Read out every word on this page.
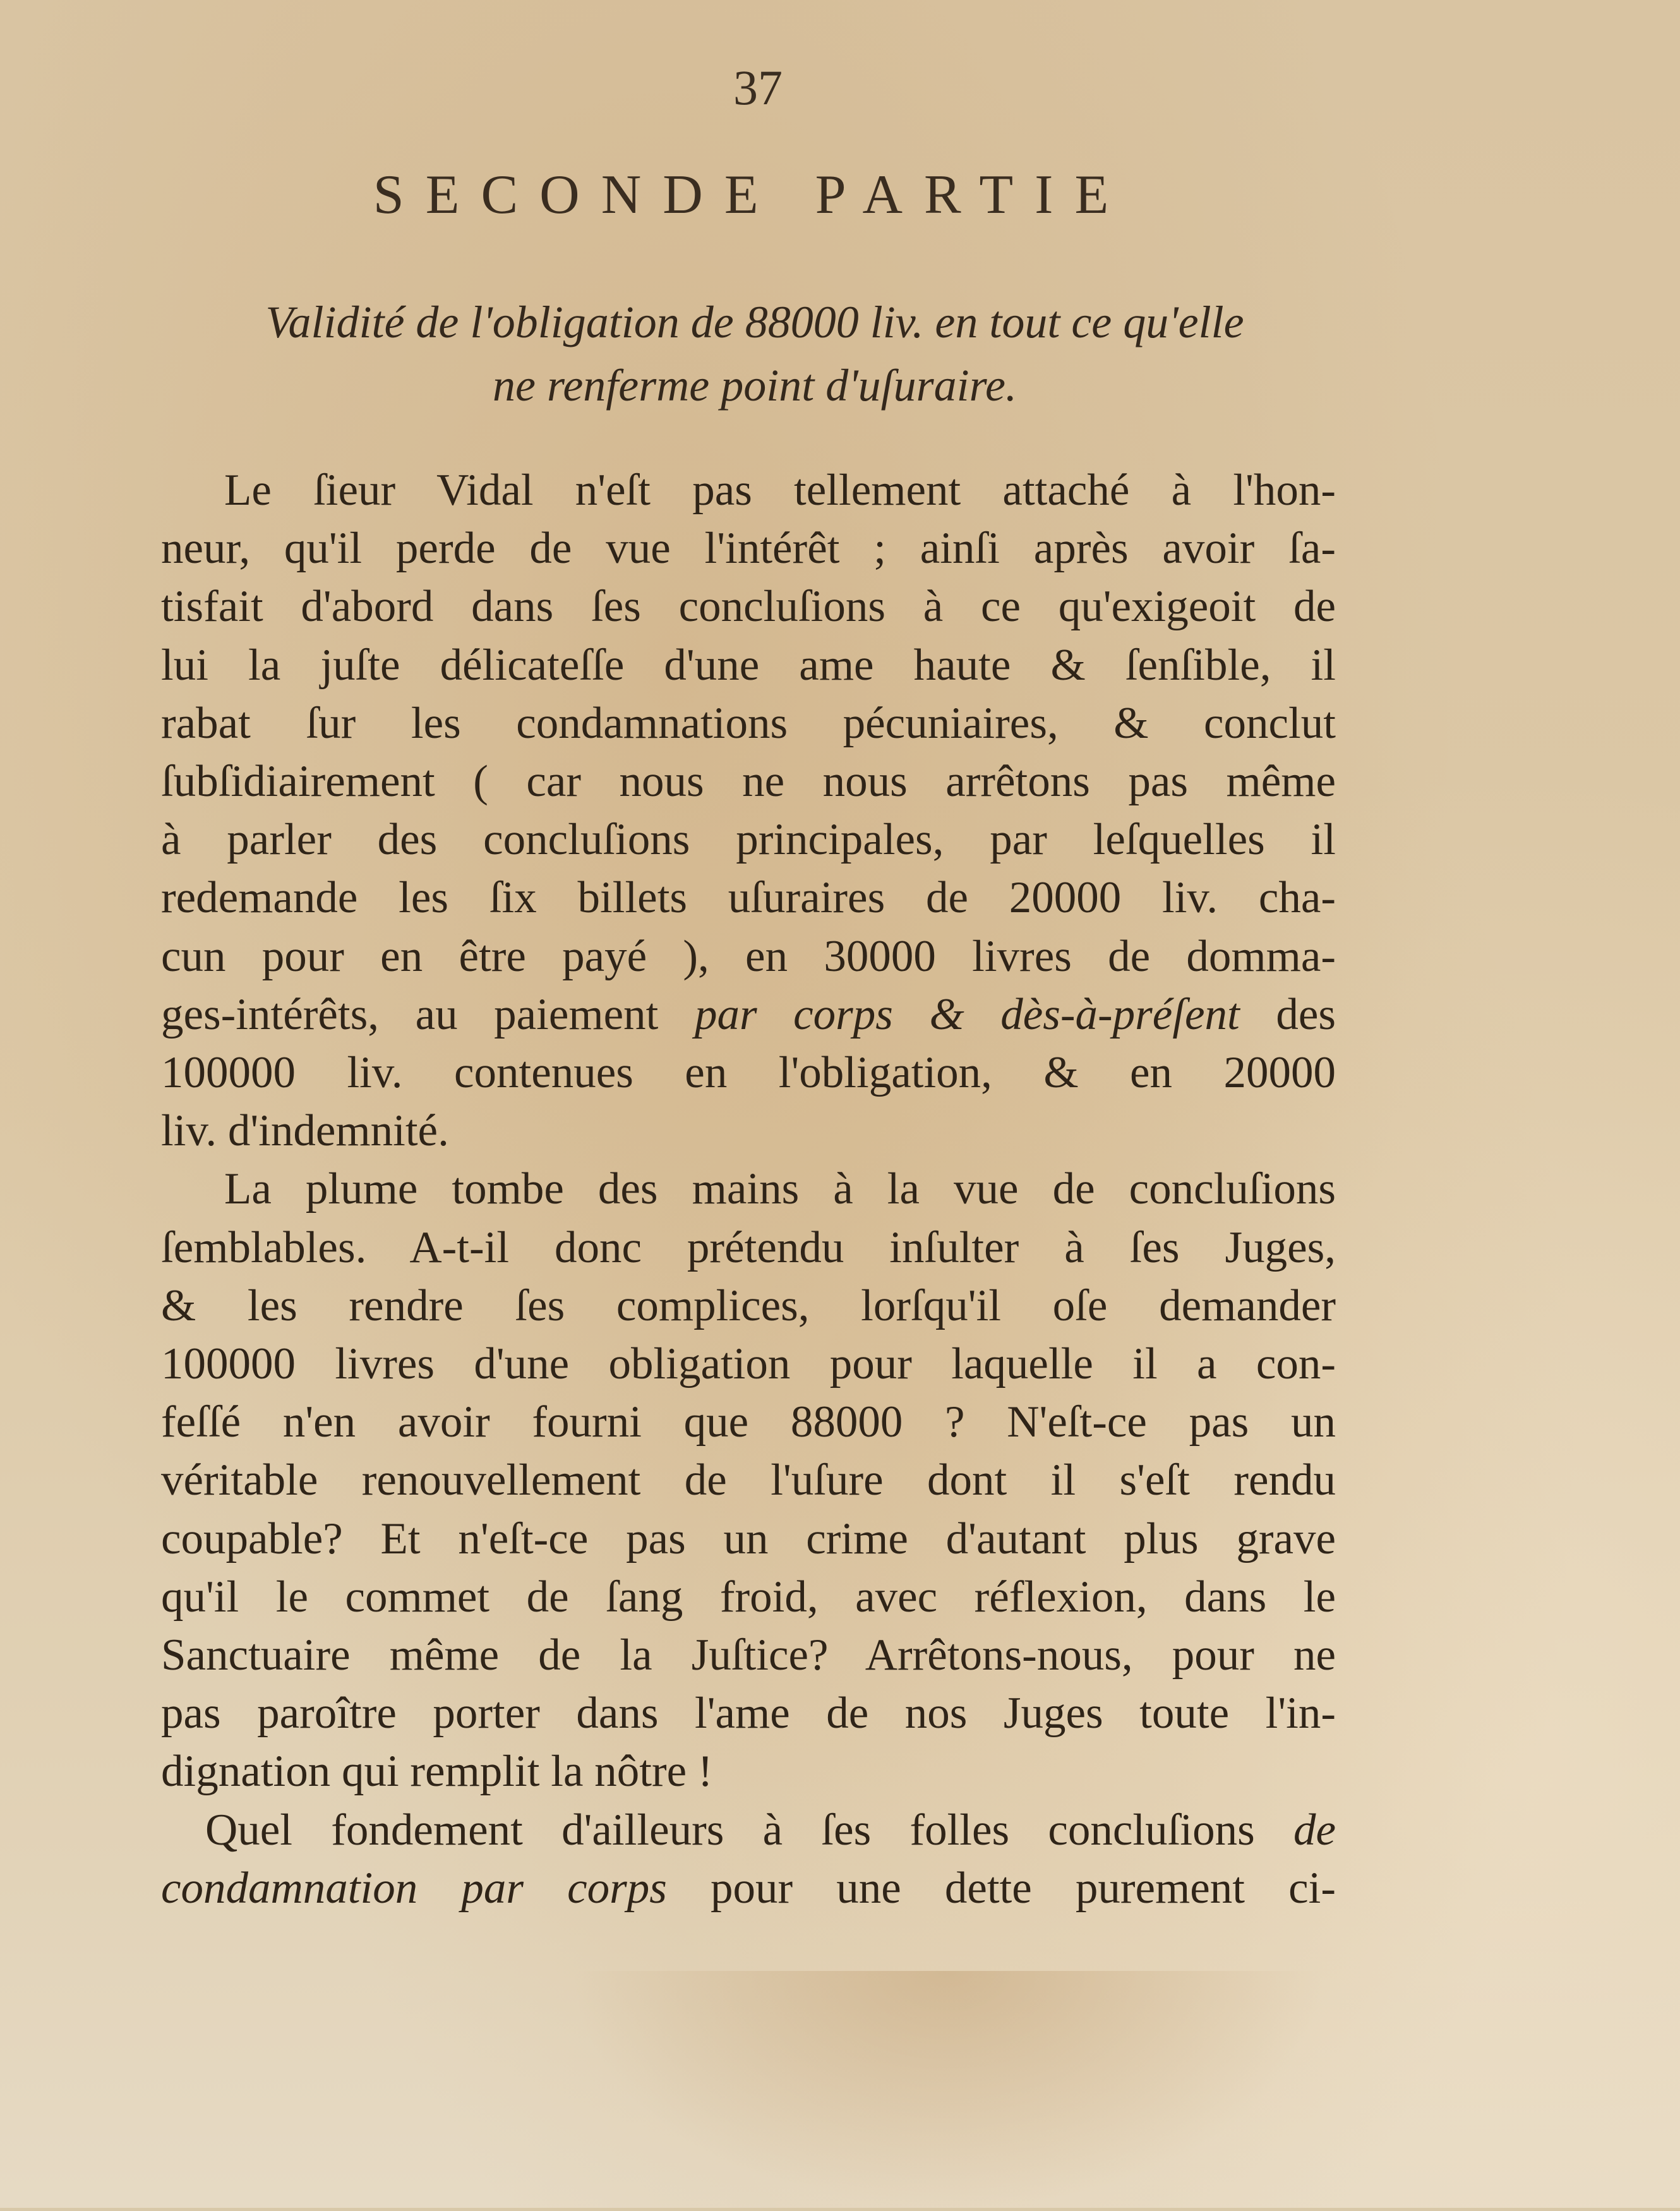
37
SECONDE PARTIE
Validité de l'obligation de 88000 liv. en tout ce qu'elle
ne renferme point d'uſuraire.
Le ſieur Vidal n'eſt pas tellement attaché à l'hon-
neur, qu'il perde de vue l'intérêt ; ainſi après avoir ſa-
tisfait d'abord dans ſes concluſions à ce qu'exigeoit de
lui la juſte délicateſſe d'une ame haute & ſenſible, il
rabat ſur les condamnations pécuniaires, & conclut
ſubſidiairement ( car nous ne nous arrêtons pas même
à parler des concluſions principales, par leſquelles il
redemande les ſix billets uſuraires de 20000 liv. cha-
cun pour en être payé ), en 30000 livres de domma-
ges-intérêts, au paiement par corps & dès-à-préſent des
100000 liv. contenues en l'obligation, & en 20000
liv. d'indemnité.
La plume tombe des mains à la vue de concluſions
ſemblables. A-t-il donc prétendu inſulter à ſes Juges,
& les rendre ſes complices, lorſqu'il oſe demander
100000 livres d'une obligation pour laquelle il a con-
feſſé n'en avoir fourni que 88000 ? N'eſt-ce pas un
véritable renouvellement de l'uſure dont il s'eſt rendu
coupable? Et n'eſt-ce pas un crime d'autant plus grave
qu'il le commet de ſang froid, avec réflexion, dans le
Sanctuaire même de la Juſtice? Arrêtons-nous, pour ne
pas paroître porter dans l'ame de nos Juges toute l'in-
dignation qui remplit la nôtre !
Quel fondement d'ailleurs à ſes folles concluſions de
condamnation par corps pour une dette purement ci-
